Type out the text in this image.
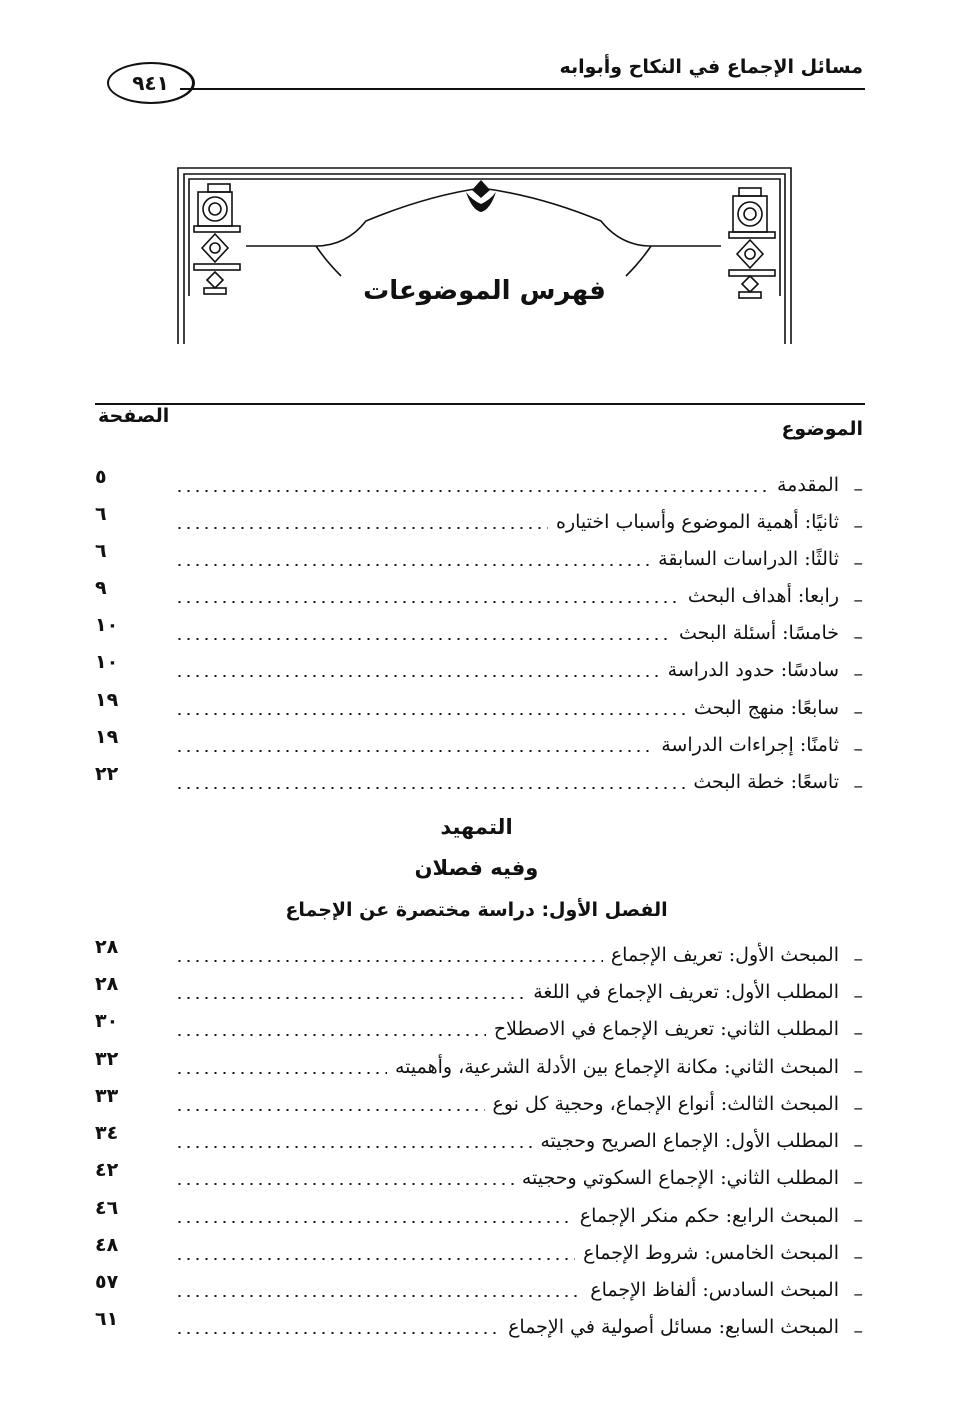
مسائل الإجماع في النكاح وأبوابه
٩٤١
فهرس الموضوعات
الصفحة
الموضوع
–
المقدمة
٥
–
ثانيًا: أهمية الموضوع وأسباب اختياره
٦
–
ثالثًا: الدراسات السابقة
٦
–
رابعا: أهداف البحث
٩
–
خامسًا: أسئلة البحث
١٠
–
سادسًا: حدود الدراسة
١٠
–
سابعًا: منهج البحث
١٩
–
ثامنًا: إجراءات الدراسة
١٩
–
تاسعًا: خطة البحث
٢٢
التمهيد
وفيه فصلان
الفصل الأول: دراسة مختصرة عن الإجماع
–
المبحث الأول: تعريف الإجماع
٢٨
–
المطلب الأول: تعريف الإجماع في اللغة
٢٨
–
المطلب الثاني: تعريف الإجماع في الاصطلاح
٣٠
–
المبحث الثاني: مكانة الإجماع بين الأدلة الشرعية، وأهميته
٣٢
–
المبحث الثالث: أنواع الإجماع، وحجية كل نوع
٣٣
–
المطلب الأول: الإجماع الصريح وحجيته
٣٤
–
المطلب الثاني: الإجماع السكوتي وحجيته
٤٢
–
المبحث الرابع: حكم منكر الإجماع
٤٦
–
المبحث الخامس: شروط الإجماع
٤٨
–
المبحث السادس: ألفاظ الإجماع
٥٧
–
المبحث السابع: مسائل أصولية في الإجماع
٦١
